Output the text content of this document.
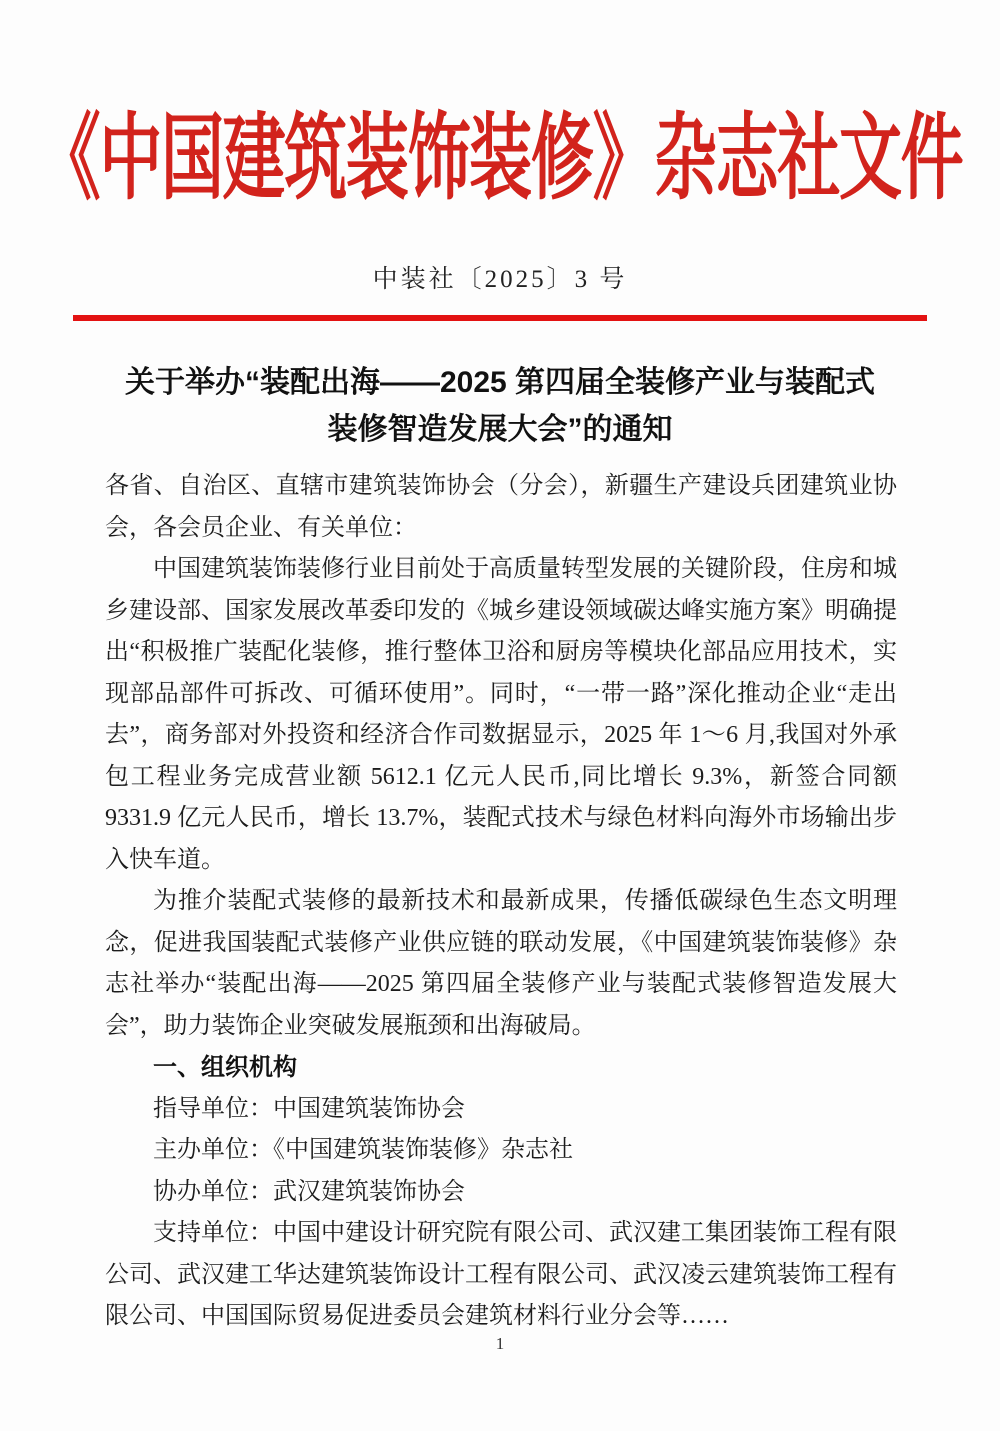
《中国建筑装饰装修》杂志社文件
中装社〔2025〕3 号
关于举办“装配出海——2025 第四届全装修产业与装配式
装修智造发展大会”的通知

各省、自治区、直辖市建筑装饰协会（分会），新疆生产建设兵团建筑业协会，各会员企业、有关单位：

中国建筑装饰装修行业目前处于高质量转型发展的关键阶段，住房和城乡建设部、国家发展改革委印发的《城乡建设领域碳达峰实施方案》明确提出“积极推广装配化装修，推行整体卫浴和厨房等模块化部品应用技术，实现部品部件可拆改、可循环使用”。同时，“一带一路”深化推动企业“走出去”，商务部对外投资和经济合作司数据显示，2025 年 1～6 月,我国对外承包工程业务完成营业额 5612.1 亿元人民币,同比增长 9.3%，新签合同额 9331.9 亿元人民币，增长 13.7%，装配式技术与绿色材料向海外市场输出步入快车道。

为推介装配式装修的最新技术和最新成果，传播低碳绿色生态文明理念，促进我国装配式装修产业供应链的联动发展，《中国建筑装饰装修》杂志社举办“装配出海——2025 第四届全装修产业与装配式装修智造发展大会”，助力装饰企业突破发展瓶颈和出海破局。

一、组织机构

指导单位：中国建筑装饰协会

主办单位：《中国建筑装饰装修》杂志社

协办单位：武汉建筑装饰协会

支持单位：中国中建设计研究院有限公司、武汉建工集团装饰工程有限公司、武汉建工华达建筑装饰设计工程有限公司、武汉凌云建筑装饰工程有限公司、中国国际贸易促进委员会建筑材料行业分会等……

1
